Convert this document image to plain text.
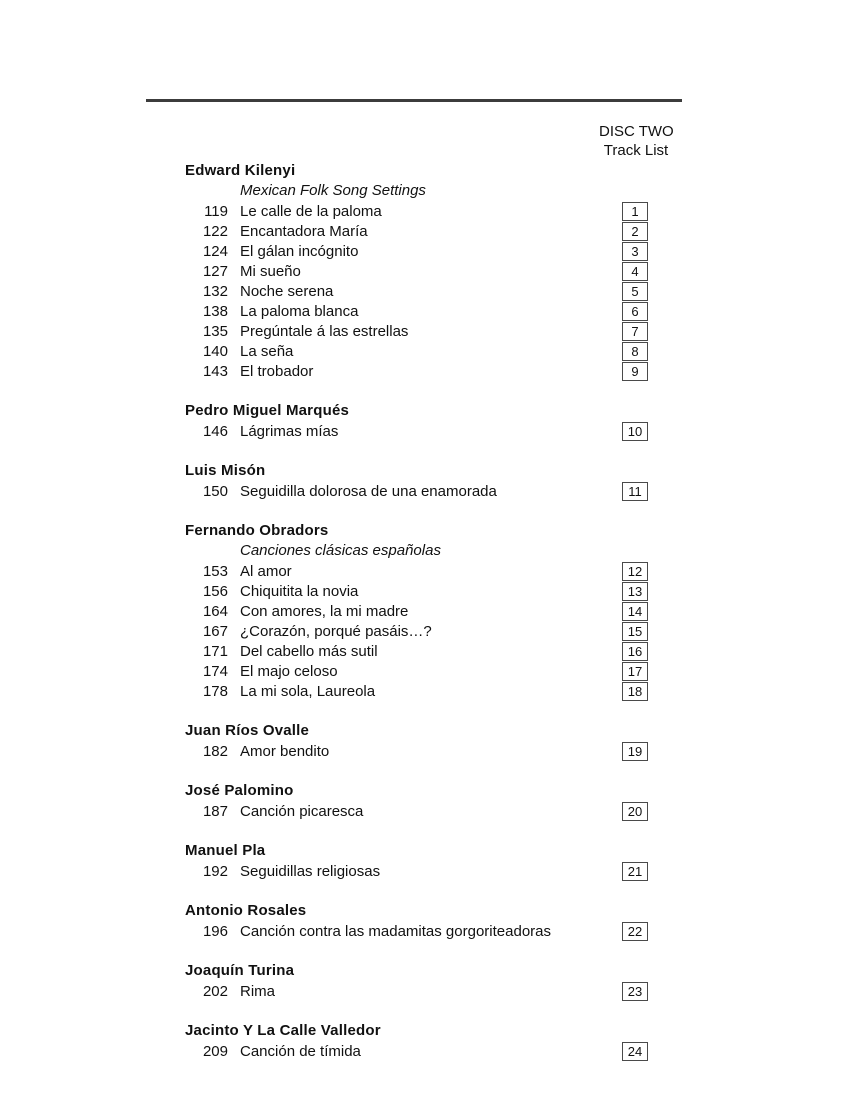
DISC TWO
Track List
Edward Kilenyi
Mexican Folk Song Settings
119 Le calle de la paloma	1
122 Encantadora María	2
124 El gálan incógnito	3
127 Mi sueño	4
132 Noche serena	5
138 La paloma blanca	6
135 Pregúntale á las estrellas	7
140 La seña	8
143 El trobador	9
Pedro Miguel Marqués
146 Lágrimas mías	10
Luis Misón
150 Seguidilla dolorosa de una enamorada	11
Fernando Obradors
Canciones clásicas españolas
153 Al amor	12
156 Chiquitita la novia	13
164 Con amores, la mi madre	14
167 ¿Corazón, porqué pasáis…?	15
171 Del cabello más sutil	16
174 El majo celoso	17
178 La mi sola, Laureola	18
Juan Ríos Ovalle
182 Amor bendito	19
José Palomino
187 Canción picaresca	20
Manuel Pla
192 Seguidillas religiosas	21
Antonio Rosales
196 Canción contra las madamitas gorgoriteadoras	22
Joaquín Turina
202 Rima	23
Jacinto Y La Calle Valledor
209 Canción de tímida	24
